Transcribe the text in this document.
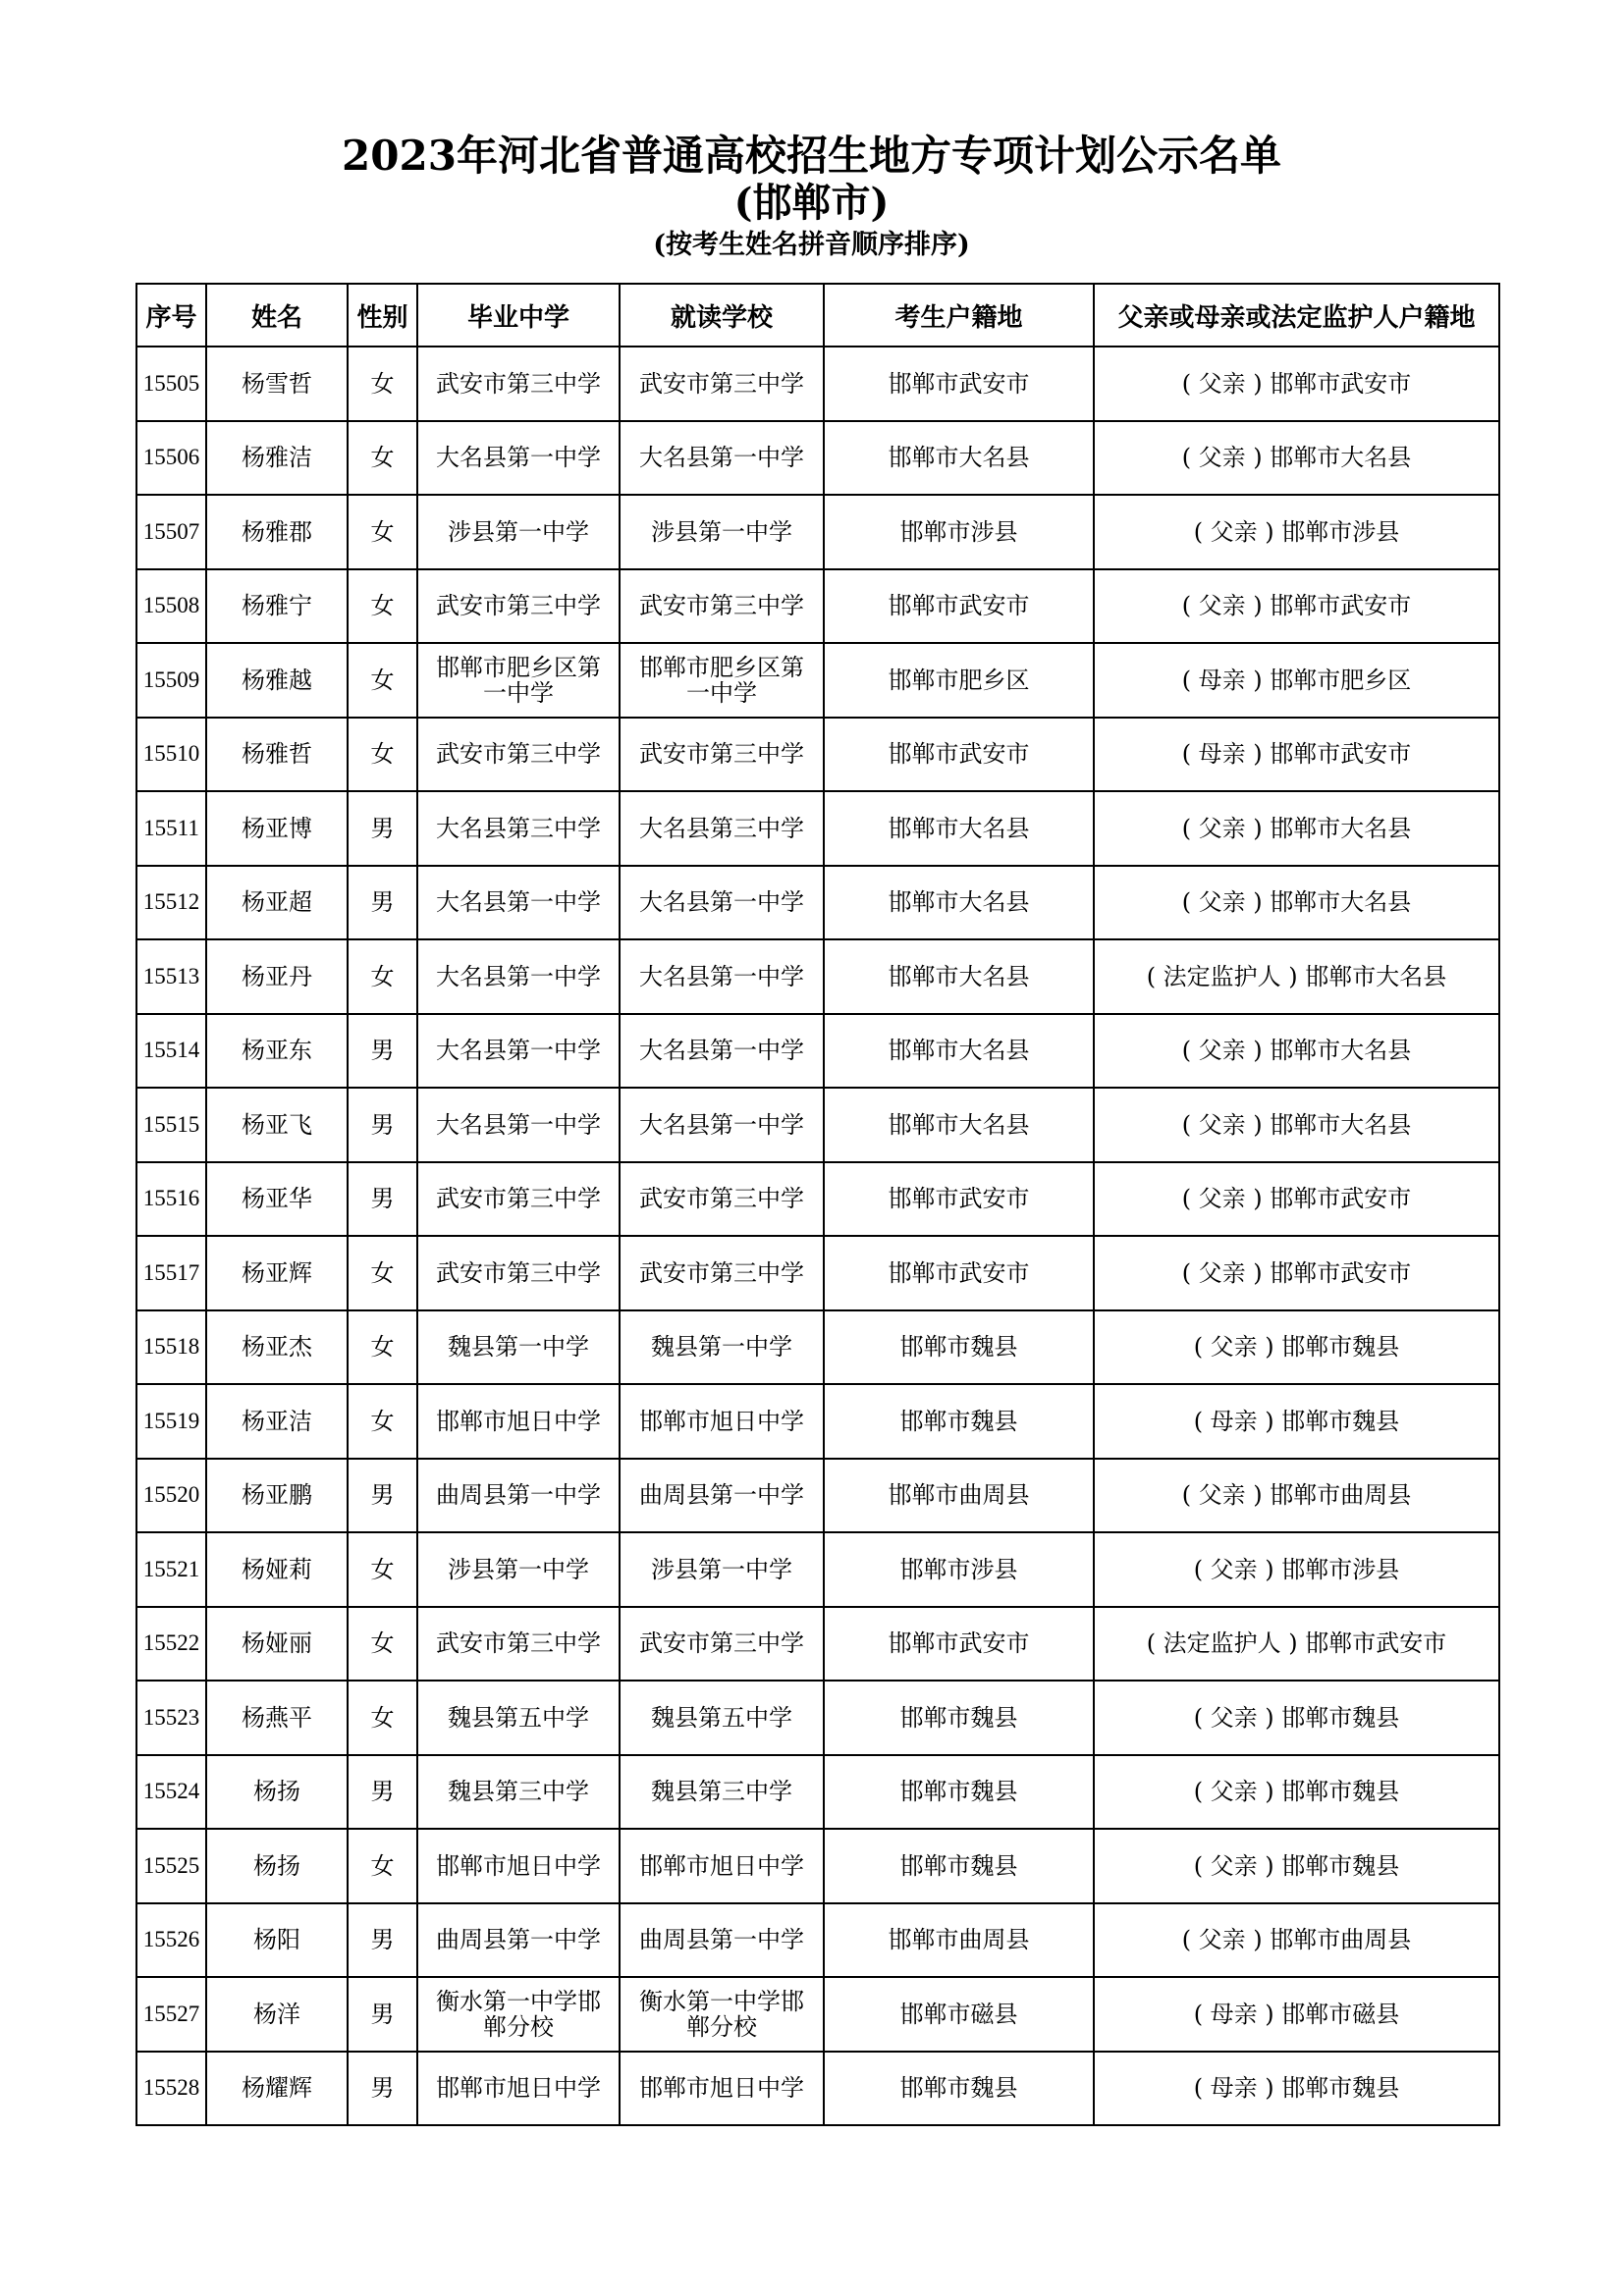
2023年河北省普通高校招生地方专项计划公示名单
(邯郸市)
(按考生姓名拼音顺序排序)
序号	姓名	性别	毕业中学	就读学校	考生户籍地	父亲或母亲或法定监护人户籍地
15505	杨雪哲	女	武安市第三中学	武安市第三中学	邯郸市武安市	( 父亲 ) 邯郸市武安市
15506	杨雅洁	女	大名县第一中学	大名县第一中学	邯郸市大名县	( 父亲 ) 邯郸市大名县
15507	杨雅郡	女	涉县第一中学	涉县第一中学	邯郸市涉县	( 父亲 ) 邯郸市涉县
15508	杨雅宁	女	武安市第三中学	武安市第三中学	邯郸市武安市	( 父亲 ) 邯郸市武安市
15509	杨雅越	女	邯郸市肥乡区第一中学	邯郸市肥乡区第一中学	邯郸市肥乡区	( 母亲 ) 邯郸市肥乡区
15510	杨雅哲	女	武安市第三中学	武安市第三中学	邯郸市武安市	( 母亲 ) 邯郸市武安市
15511	杨亚博	男	大名县第三中学	大名县第三中学	邯郸市大名县	( 父亲 ) 邯郸市大名县
15512	杨亚超	男	大名县第一中学	大名县第一中学	邯郸市大名县	( 父亲 ) 邯郸市大名县
15513	杨亚丹	女	大名县第一中学	大名县第一中学	邯郸市大名县	( 法定监护人 ) 邯郸市大名县
15514	杨亚东	男	大名县第一中学	大名县第一中学	邯郸市大名县	( 父亲 ) 邯郸市大名县
15515	杨亚飞	男	大名县第一中学	大名县第一中学	邯郸市大名县	( 父亲 ) 邯郸市大名县
15516	杨亚华	男	武安市第三中学	武安市第三中学	邯郸市武安市	( 父亲 ) 邯郸市武安市
15517	杨亚辉	女	武安市第三中学	武安市第三中学	邯郸市武安市	( 父亲 ) 邯郸市武安市
15518	杨亚杰	女	魏县第一中学	魏县第一中学	邯郸市魏县	( 父亲 ) 邯郸市魏县
15519	杨亚洁	女	邯郸市旭日中学	邯郸市旭日中学	邯郸市魏县	( 母亲 ) 邯郸市魏县
15520	杨亚鹏	男	曲周县第一中学	曲周县第一中学	邯郸市曲周县	( 父亲 ) 邯郸市曲周县
15521	杨娅莉	女	涉县第一中学	涉县第一中学	邯郸市涉县	( 父亲 ) 邯郸市涉县
15522	杨娅丽	女	武安市第三中学	武安市第三中学	邯郸市武安市	( 法定监护人 ) 邯郸市武安市
15523	杨燕平	女	魏县第五中学	魏县第五中学	邯郸市魏县	( 父亲 ) 邯郸市魏县
15524	杨扬	男	魏县第三中学	魏县第三中学	邯郸市魏县	( 父亲 ) 邯郸市魏县
15525	杨扬	女	邯郸市旭日中学	邯郸市旭日中学	邯郸市魏县	( 父亲 ) 邯郸市魏县
15526	杨阳	男	曲周县第一中学	曲周县第一中学	邯郸市曲周县	( 父亲 ) 邯郸市曲周县
15527	杨洋	男	衡水第一中学邯郸分校	衡水第一中学邯郸分校	邯郸市磁县	( 母亲 ) 邯郸市磁县
15528	杨耀辉	男	邯郸市旭日中学	邯郸市旭日中学	邯郸市魏县	( 母亲 ) 邯郸市魏县
